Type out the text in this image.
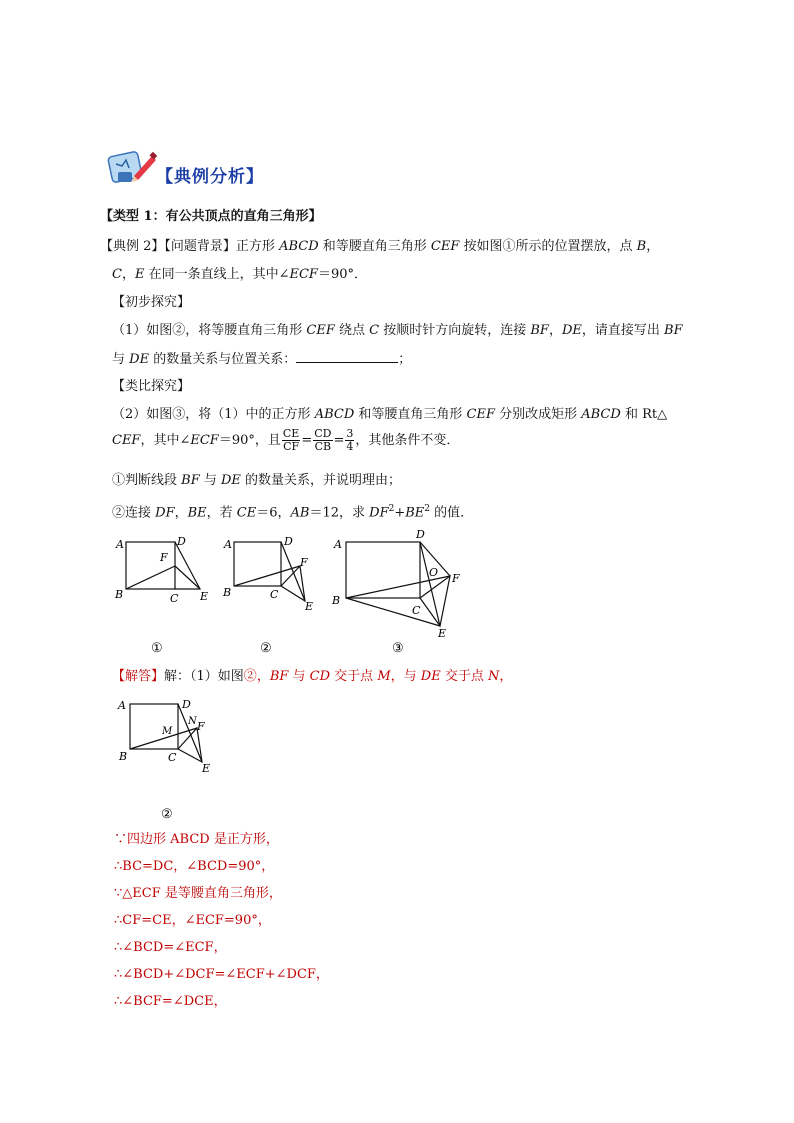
【典例分析】
【类型 1：有公共顶点的直角三角形】
【典例 2】【问题背景】正方形 ABCD 和等腰直角三角形 CEF 按如图①所示的位置摆放，点 B，
C，E 在同一条直线上，其中∠ECF＝90°．
【初步探究】
（1）如图②，将等腰直角三角形 CEF 绕点 C 按顺时针方向旋转，连接 BF，DE，请直接写出 BF
与 DE 的数量关系与位置关系：	；
【类比探究】
（2）如图③，将（1）中的正方形 ABCD 和等腰直角三角形 CEF 分别改成矩形 ABCD 和 Rt△
CEF，其中∠ECF＝90°，且 $\frac{CE}{CF} = \frac{CD}{CB} = \frac{3}{4}$ ，其他条件不变．
①判断线段 BF 与 DE 的数量关系，并说明理由；
②连接 DF，BE，若 CE＝6，AB＝12，求 $DF^2+BE^2$ 的值．
A	D
F
B	C E
①
A	D
F
B	C
E
②
A
D
O F
B
C
E
③
【解答】解：（1）如图②，BF 与 CD 交于点 M，与 DE 交于点 N，
A	D
N
M F
B	C
E
②
∵四边形 ABCD 是正方形，
∴BC=DC，∠BCD=90°，
∵△ECF 是等腰直角三角形，
∴CF=CE，∠ECF=90°，
∴∠BCD=∠ECF，
∴∠BCD+∠DCF=∠ECF+∠DCF，
∴∠BCF=∠DCE，
